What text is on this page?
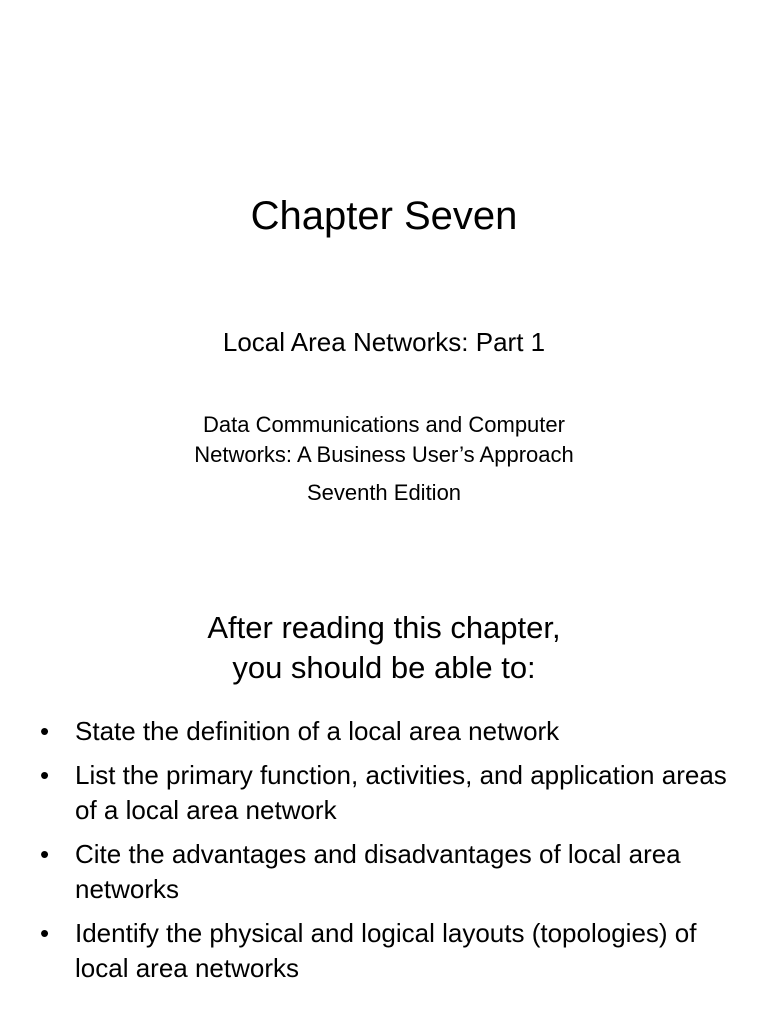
Chapter Seven

Local Area Networks: Part 1

Data Communications and Computer
Networks: A Business User’s Approach

Seventh Edition

After reading this chapter,
you should be able to:
• State the definition of a local area network
• List the primary function, activities, and application areas of a local area network
• Cite the advantages and disadvantages of local area networks
• Identify the physical and logical layouts (topologies) of local area networks
